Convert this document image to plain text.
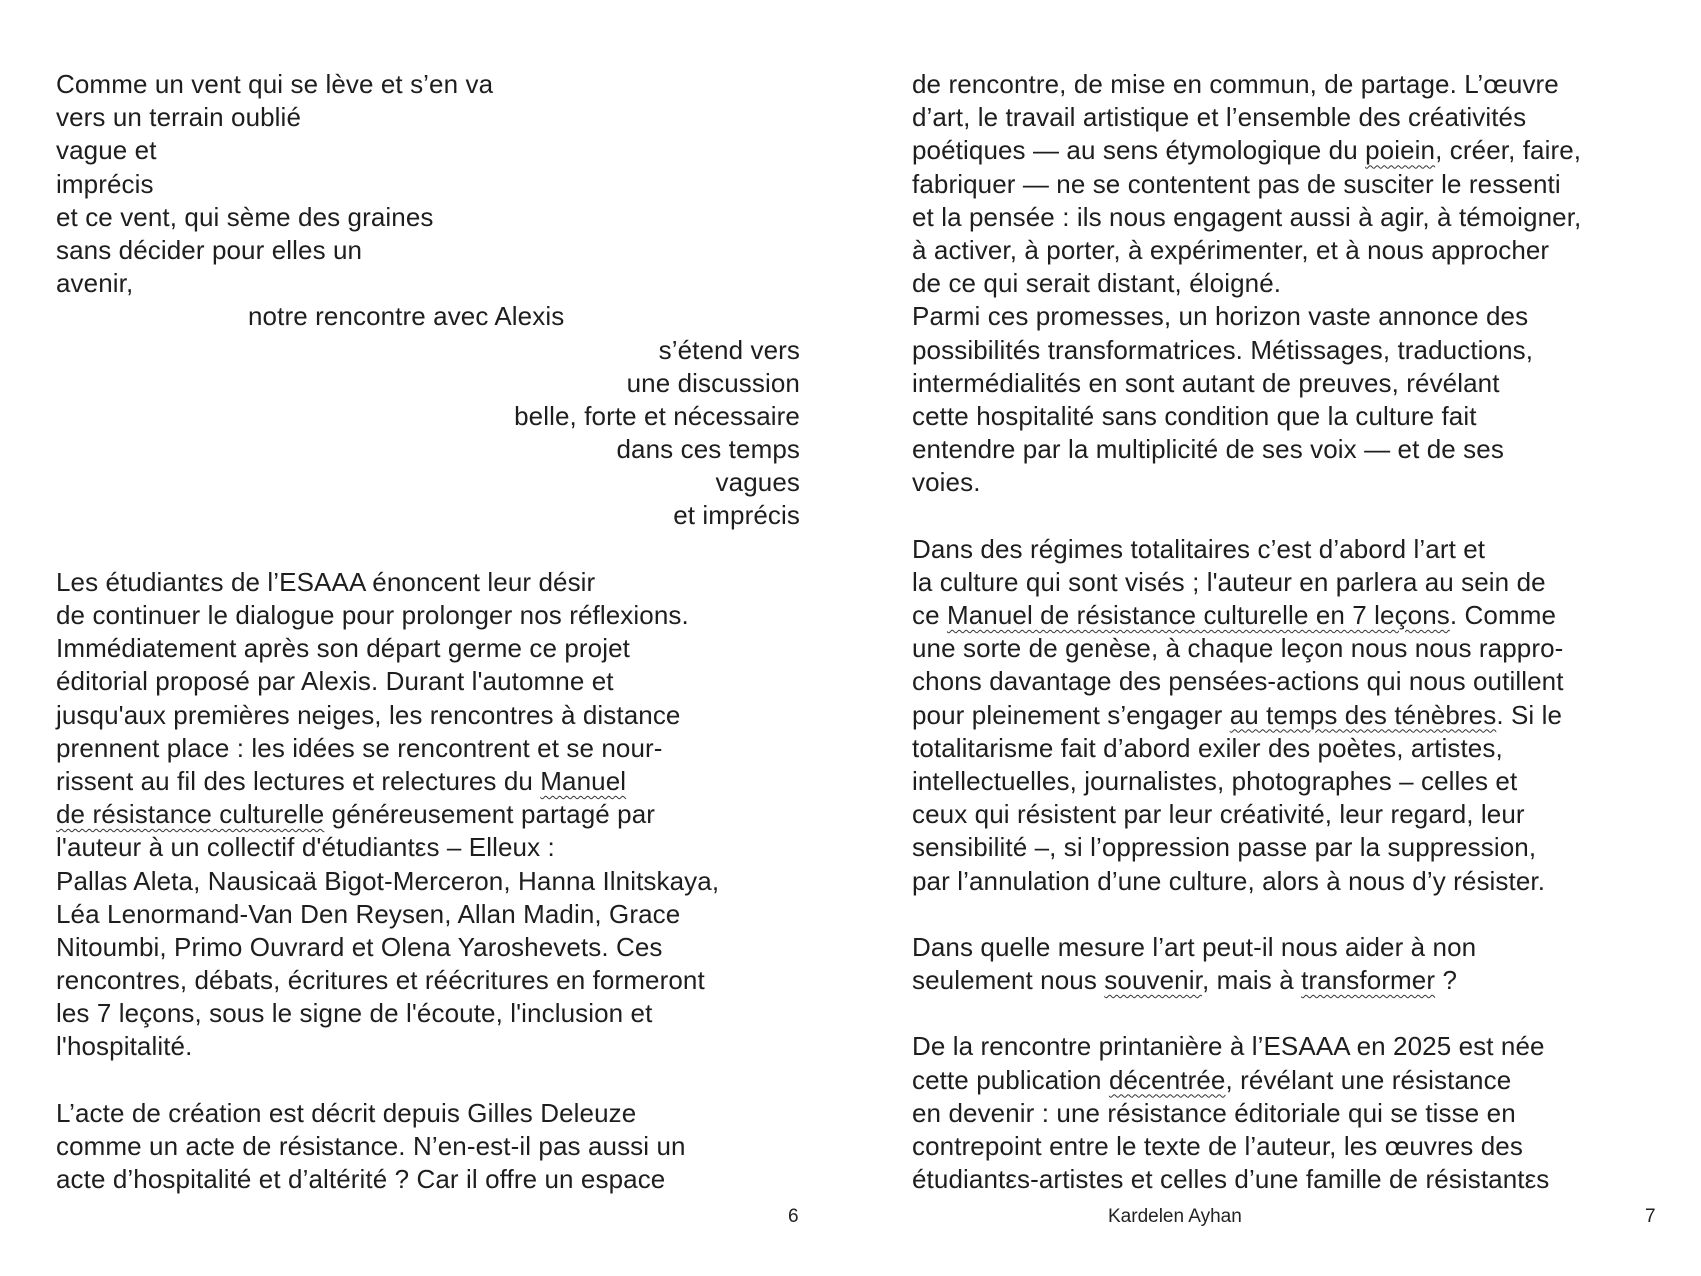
Comme un vent qui se lève et s’en va
vers un terrain oublié
vague et
imprécis
et ce vent, qui sème des graines
sans décider pour elles un
avenir,
notre rencontre avec Alexis
s’étend vers
une discussion
belle, forte et nécessaire
dans ces temps
vagues
et imprécis
Les étudiantεs de l’ESAAA énoncent leur désir
de continuer le dialogue pour prolonger nos réflexions.
Immédiatement après son départ germe ce projet
éditorial proposé par Alexis. Durant l'automne et
jusqu'aux premières neiges, les rencontres à distance
prennent place : les idées se rencontrent et se nour-
rissent au fil des lectures et relectures du Manuel
de résistance culturelle généreusement partagé par
l'auteur à un collectif d'étudiantεs – Elleux :
Pallas Aleta, Nausicaä Bigot-Merceron, Hanna Ilnitskaya,
Léa Lenormand-Van Den Reysen, Allan Madin, Grace
Nitoumbi, Primo Ouvrard et Olena Yaroshevets. Ces
rencontres, débats, écritures et réécritures en formeront
les 7 leçons, sous le signe de l'écoute, l'inclusion et
l'hospitalité.
L’acte de création est décrit depuis Gilles Deleuze
comme un acte de résistance. N’en-est-il pas aussi un
acte d’hospitalité et d’altérité ? Car il offre un espace
6
de rencontre, de mise en commun, de partage. L’œuvre
d’art, le travail artistique et l’ensemble des créativités
poétiques — au sens étymologique du poiein, créer, faire,
fabriquer — ne se contentent pas de susciter le ressenti
et la pensée : ils nous engagent aussi à agir, à témoigner,
à activer, à porter, à expérimenter, et à nous approcher
de ce qui serait distant, éloigné.
Parmi ces promesses, un horizon vaste annonce des
possibilités transformatrices. Métissages, traductions,
intermédialités en sont autant de preuves, révélant
cette hospitalité sans condition que la culture fait
entendre par la multiplicité de ses voix — et de ses
voies.
Dans des régimes totalitaires c’est d’abord l’art et
la culture qui sont visés ; l'auteur en parlera au sein de
ce Manuel de résistance culturelle en 7 leçons. Comme
une sorte de genèse, à chaque leçon nous nous rappro-
chons davantage des pensées-actions qui nous outillent
pour pleinement s’engager au temps des ténèbres. Si le
totalitarisme fait d’abord exiler des poètes, artistes,
intellectuelles, journalistes, photographes – celles et
ceux qui résistent par leur créativité, leur regard, leur
sensibilité –, si l’oppression passe par la suppression,
par l’annulation d’une culture, alors à nous d’y résister.
Dans quelle mesure l’art peut-il nous aider à non
seulement nous souvenir, mais à transformer ?
De la rencontre printanière à l’ESAAA en 2025 est née
cette publication décentrée, révélant une résistance
en devenir : une résistance éditoriale qui se tisse en
contrepoint entre le texte de l’auteur, les œuvres des
étudiantεs-artistes et celles d’une famille de résistantεs
Kardelen Ayhan	7
